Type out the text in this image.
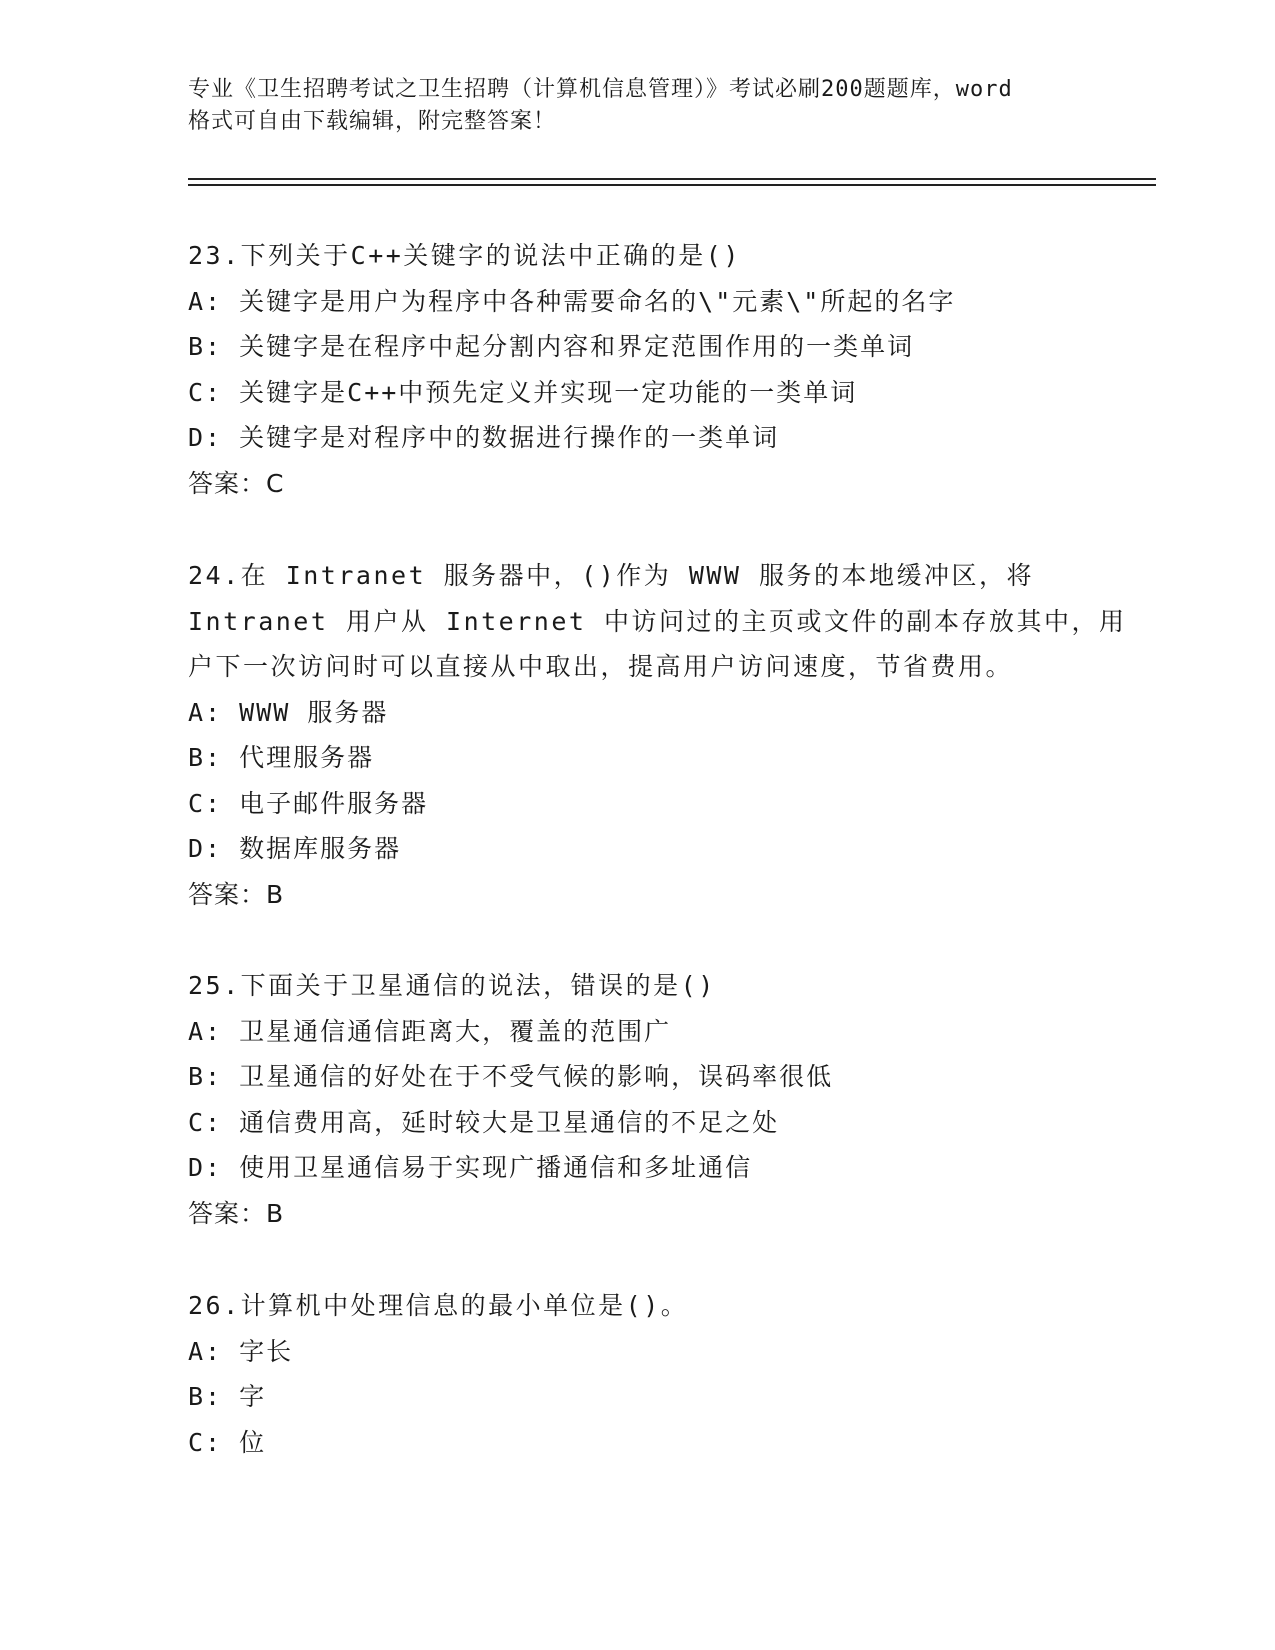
专业《卫生招聘考试之卫生招聘（计算机信息管理）》考试必刷200题题库，word
格式可自由下载编辑，附完整答案！
23.下列关于C++关键字的说法中正确的是()
A: 关键字是用户为程序中各种需要命名的\"元素\"所起的名字
B: 关键字是在程序中起分割内容和界定范围作用的一类单词
C: 关键字是C++中预先定义并实现一定功能的一类单词
D: 关键字是对程序中的数据进行操作的一类单词
答案：C
24.在 Intranet 服务器中，()作为 WWW 服务的本地缓冲区，将
Intranet 用户从 Internet 中访问过的主页或文件的副本存放其中，用
户下一次访问时可以直接从中取出，提高用户访问速度，节省费用。
A: WWW 服务器
B: 代理服务器
C: 电子邮件服务器
D: 数据库服务器
答案：B
25.下面关于卫星通信的说法，错误的是()
A: 卫星通信通信距离大，覆盖的范围广
B: 卫星通信的好处在于不受气候的影响，误码率很低
C: 通信费用高，延时较大是卫星通信的不足之处
D: 使用卫星通信易于实现广播通信和多址通信
答案：B
26.计算机中处理信息的最小单位是()。
A: 字长
B: 字
C: 位
